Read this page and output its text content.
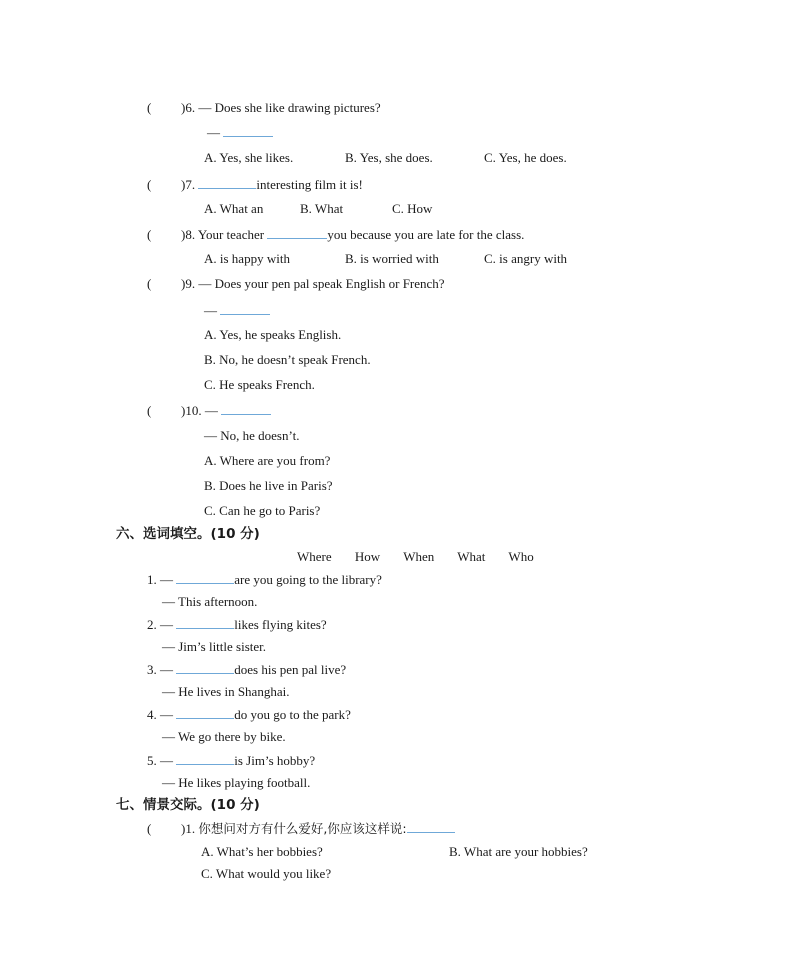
( )6. — Does she like drawing pictures?
—
A. Yes, she likes.	B. Yes, she does.	C. Yes, he does.
( )7.	interesting film it is!
A. What an	B. What	C. How
( )8. Your teacher	you because you are late for the class.
A. is happy with	B. is worried with	C. is angry with
( )9. — Does your pen pal speak English or French?
—
A. Yes, he speaks English.
B. No, he doesn’t speak French.
C. He speaks French.
( )10. —
— No, he doesn’t.
A. Where are you from?
B. Does he live in Paris?
C. Can he go to Paris?
六、选词填空。(10 分)
Where How When What Who
1. —	are you going to the library?
— This afternoon.
2. —	likes flying kites?
— Jim’s little sister.
3. —	does his pen pal live?
— He lives in Shanghai.
4. —	do you go to the park?
— We go there by bike.
5. —	is Jim’s hobby?
— He likes playing football.
七、情景交际。(10 分)
( )1. 你想问对方有什么爱好,你应该这样说:
A. What’s her bobbies?	B. What are your hobbies?
C. What would you like?
